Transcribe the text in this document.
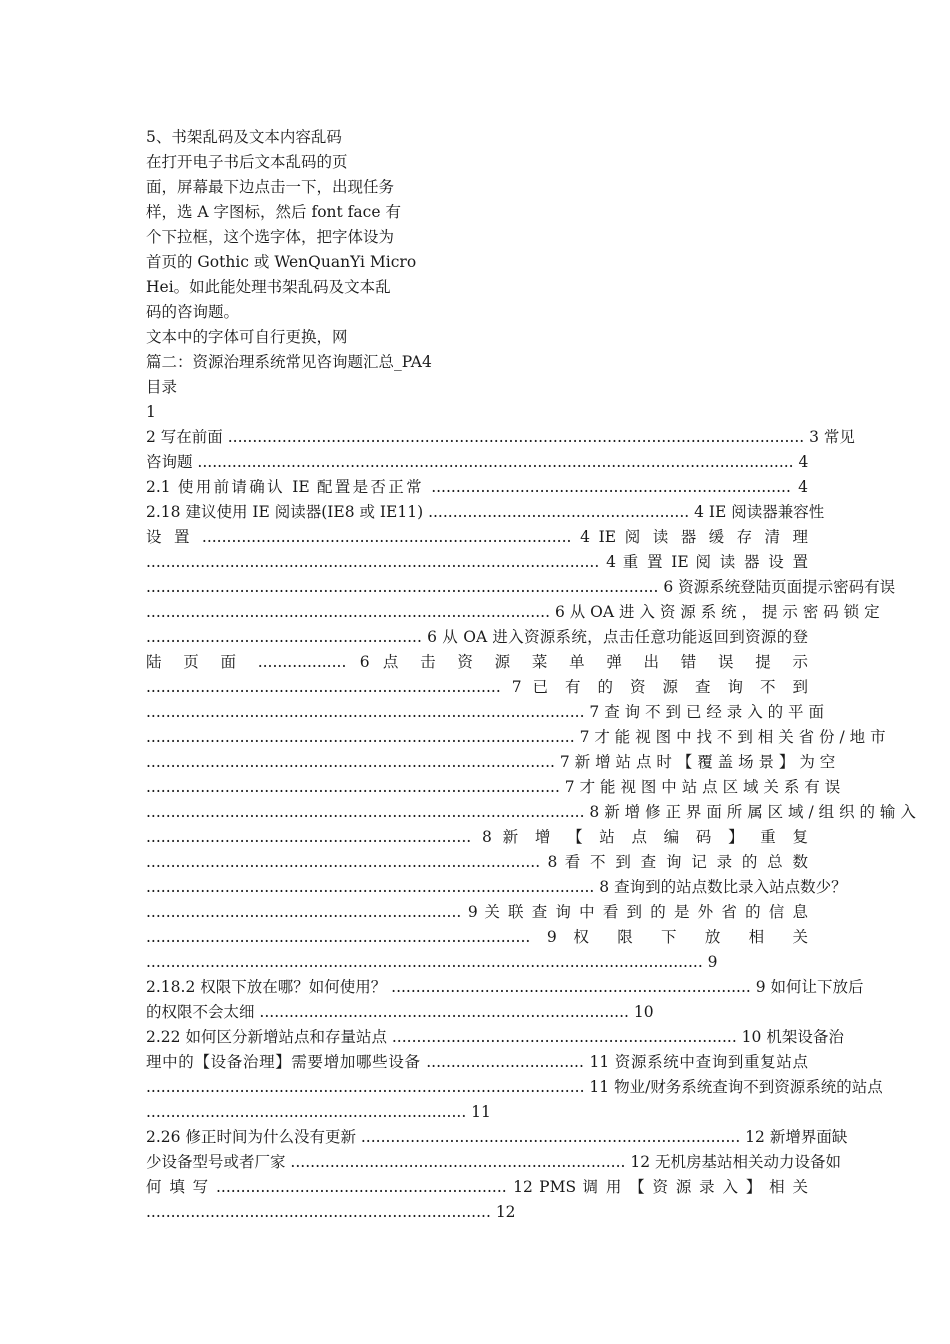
5、书架乱码及文本内容乱码
在打开电子书后文本乱码的页
面，屏幕最下边点击一下，出现任务
样，选 A 字图标，然后 font face 有
个下拉框，这个选字体，把字体设为
首页的 Gothic 或 WenQuanYi Micro
Hei。如此能处理书架乱码及文本乱
码的咨询题。
文本中的字体可自行更换，网
篇二：资源治理系统常见咨询题汇总_PA4
目录
1
2 写在前面 ..................................................................................................................... 3 常见
咨询题 ......................................................................................................................... 4
2.1 使用前请确认 IE 配置是否正常 ......................................................................... 4
2.18 建议使用 IE 阅读器(IE8 或 IE11) ..................................................... 4 IE 阅读器兼容性
设 置 ........................................................................... 4 IE 阅 读 器 缓 存 清 理
............................................................................................ 4 重 置 IE 阅 读 器 设 置
........................................................................................................ 6 资源系统登陆页面提示密码有误
.................................................................................. 6 从 OA 进 入 资 源 系 统 ， 提 示 密 码 锁 定
........................................................ 6 从 OA 进入资源系统，点击任意功能返回到资源的登
陆 页 面 .................. 6 点 击 资 源 菜 单 弹 出 错 误 提 示
........................................................................ 7 已 有 的 资 源 查 询 不 到
......................................................................................... 7 查 询 不 到 已 经 录 入 的 平 面
....................................................................................... 7 才 能 视 图 中 找 不 到 相 关 省 份 / 地 市
................................................................................... 7 新 增 站 点 时 【 覆 盖 场 景 】 为 空
.................................................................................... 7 才 能 视 图 中 站 点 区 域 关 系 有 误
......................................................................................... 8 新 增 修 正 界 面 所 属 区 域 / 组 织 的 输 入
.................................................................. 8 新 增 【 站 点 编 码 】 重 复
................................................................................ 8 看 不 到 查 询 记 录 的 总 数
........................................................................................... 8 查询到的站点数比录入站点数少？
................................................................ 9 关 联 查 询 中 看 到 的 是 外 省 的 信 息
.............................................................................. 9 权 限 下 放 相 关
................................................................................................................. 9
2.18.2 权限下放在哪？如何使用？ ......................................................................... 9 如何让下放后
的权限不会太细 ........................................................................... 10
2.22 如何区分新增站点和存量站点 ...................................................................... 10 机架设备治
理中的【设备治理】需要增加哪些设备 ................................ 11 资源系统中查询到重复站点
......................................................................................... 11 物业/财务系统查询不到资源系统的站点
................................................................. 11
2.26 修正时间为什么没有更新 ............................................................................. 12 新增界面缺
少设备型号或者厂家 .................................................................... 12 无机房基站相关动力设备如
何 填 写 ........................................................... 12 PMS 调 用 【 资 源 录 入 】 相 关
...................................................................... 12
